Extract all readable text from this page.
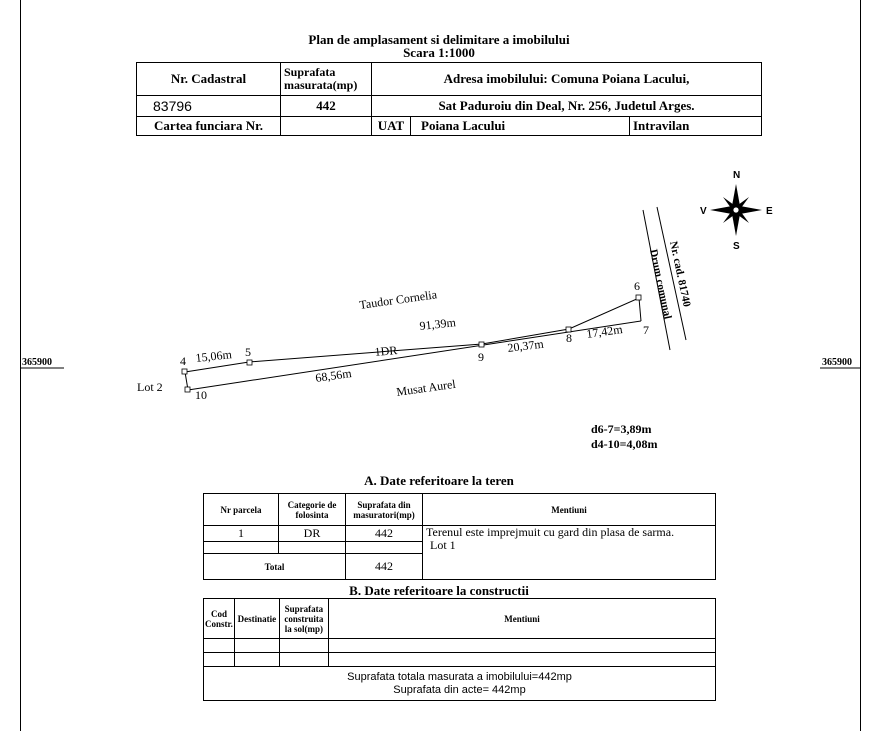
Plan de amplasament si delimitare a imobilului
Scara 1:1000
Nr. Cadastral	Suprafata masurata(mp)	Adresa imobilului: Comuna Poiana Lacului,		
83796	442	Sat Paduroiu din Deal, Nr. 256, Judetul Arges.		
Cartea funciara Nr.		UAT	Poiana Lacului	Intravilan
N
S
E
V
365900	365900
Drum comunal
Nr. cad. 81740
4
5
6
7
8
9
10
15,06m
91,39m
20,37m
17,42m
68,56m
Taudor Cornelia
Musat Aurel
Lot 2
1DR
d6-7=3,89m
d4-10=4,08m
A. Date referitoare la teren
Nr parcela	Categorie de folosinta	Suprafata din masuratori(mp)	Mentiuni
1	DR	442	Terenul este imprejmuit cu gard din plasa de sarma.
Lot 1

Total		442	
B. Date referitoare la constructii
Cod Constr.	Destinatie	Suprafata construita la sol(mp)	Mentiuni

Suprafata totala masurata a imobilului=442mp
Suprafata din acte= 442mp			
